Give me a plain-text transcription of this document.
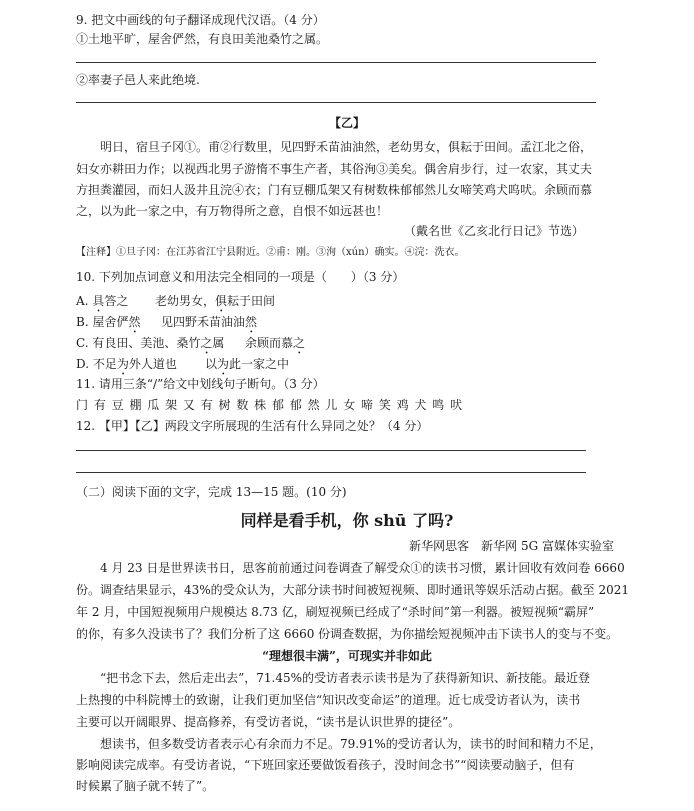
9. 把文中画线的句子翻译成现代汉语。（4 分）
①土地平旷，屋舍俨然，有良田美池桑竹之属。
②率妻子邑人来此绝境.
【乙】
明日，宿旦子冈①。甫②行数里，见四野禾苗油油然，老幼男女，俱耘于田间。孟江北之俗，
妇女亦耕田力作；以视西北男子游惰不事生产者，其俗洵③美矣。偶舍肩步行，过一农家，其丈夫
方担粪灌园，而妇人汲井且浣④衣；门有豆棚瓜架又有树数株郁郁然儿女啼笑鸡犬呜吠。余顾而慕
之，以为此一家之中，有万物得所之意，自恨不如远甚也！
（戴名世《乙亥北行日记》节选）
【注释】①旦子冈：在江苏省江宁县附近。②甫：刚。③洵（xún）确实。④浣：洗衣。
10. 下列加点词意义和用法完全相同的一项是（　　）（3 分）
A. 具答之 老幼男女，俱耘于田间
B. 屋舍俨然 见四野禾苗油油然
C. 有良田、美池、桑竹之属 余顾而慕之
D. 不足为外人道也 以为此一家之中
11. 请用三条“/”给文中划线句子断句。（3 分）
门 有 豆 棚 瓜 架 又 有 树 数 株 郁 郁 然 儿 女 啼 笑 鸡 犬 鸣 吠
12. 【甲】【乙】两段文字所展现的生活有什么异同之处？（4 分）
（二）阅读下面的文字，完成 13—15 题。(10 分)
同样是看手机，你 shū 了吗?
新华网思客　新华网 5G 富媒体实验室
4 月 23 日是世界读书日，思客前前通过问卷调查了解受众①的读书习惯，累计回收有效问卷 6660
份。调查结果显示，43%的受众认为，大部分读书时间被短视频、即时通讯等娱乐活动占据。截至 2021
年 2 月，中国短视频用户规模达 8.73 亿，刷短视频已经成了“杀时间”第一利器。被短视频“霸屏”
的你，有多久没读书了？我们分析了这 6660 份调查数据，为你描绘短视频冲击下读书人的变与不变。
“理想很丰满”，可现实并非如此
“把书念下去，然后走出去”，71.45%的受访者表示读书是为了获得新知识、新技能。最近登
上热搜的中科院博士的致谢，让我们更加坚信“知识改变命运”的道理。近七成受访者认为，读书
主要可以开阔眼界、提高修养，有受访者说，“读书是认识世界的捷径”。
想读书，但多数受访者表示心有余而力不足。79.91%的受访者认为，读书的时间和精力不足，
影响阅读完成率。有受访者说，“下班回家还要做饭看孩子，没时间念书”“阅读要动脑子，但有
时候累了脑子就不转了”。
